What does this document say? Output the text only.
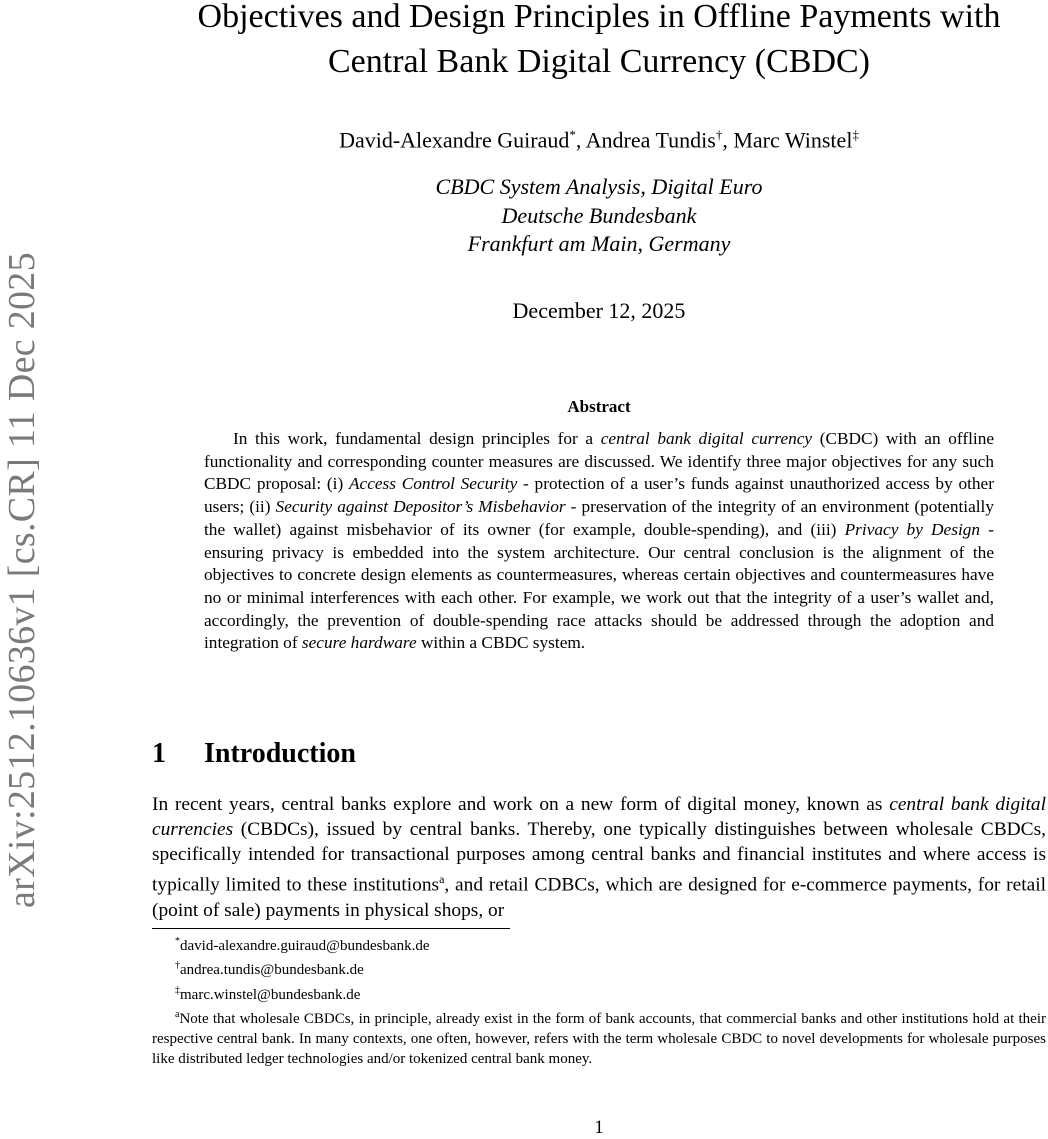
arXiv:2512.10636v1 [cs.CR] 11 Dec 2025
Objectives and Design Principles in Offline Payments with
Central Bank Digital Currency (CBDC)
David-Alexandre Guiraud*, Andrea Tundis†, Marc Winstel‡
CBDC System Analysis, Digital Euro
Deutsche Bundesbank
Frankfurt am Main, Germany
December 12, 2025
Abstract
In this work, fundamental design principles for a central bank digital currency (CBDC) with an offline functionality and corresponding counter measures are discussed. We identify three major objectives for any such CBDC proposal: (i) Access Control Security - protection of a user’s funds against unauthorized access by other users; (ii) Security against Depositor’s Misbehavior - preservation of the integrity of an environment (potentially the wallet) against misbehavior of its owner (for example, double-spending), and (iii) Privacy by Design - ensuring privacy is embedded into the system architecture. Our central conclusion is the alignment of the objectives to concrete design elements as countermeasures, whereas certain objectives and countermeasures have no or minimal interferences with each other. For example, we work out that the integrity of a user’s wallet and, accordingly, the prevention of double-spending race attacks should be addressed through the adoption and integration of secure hardware within a CBDC system.
1 Introduction
In recent years, central banks explore and work on a new form of digital money, known as central bank digital currencies (CBDCs), issued by central banks. Thereby, one typically distinguishes between wholesale CBDCs, specifically intended for transactional purposes among central banks and financial institutes and where access is typically limited to these institutions$^a$, and retail CDBCs, which are designed for e-commerce payments, for retail (point of sale) payments in physical shops, or
*david-alexandre.guiraud@bundesbank.de
†andrea.tundis@bundesbank.de
‡marc.winstel@bundesbank.de
$^a$Note that wholesale CBDCs, in principle, already exist in the form of bank accounts, that commercial banks and other institutions hold at their respective central bank. In many contexts, one often, however, refers with the term wholesale CBDC to novel developments for wholesale purposes like distributed ledger technologies and/or tokenized central bank money.
1
